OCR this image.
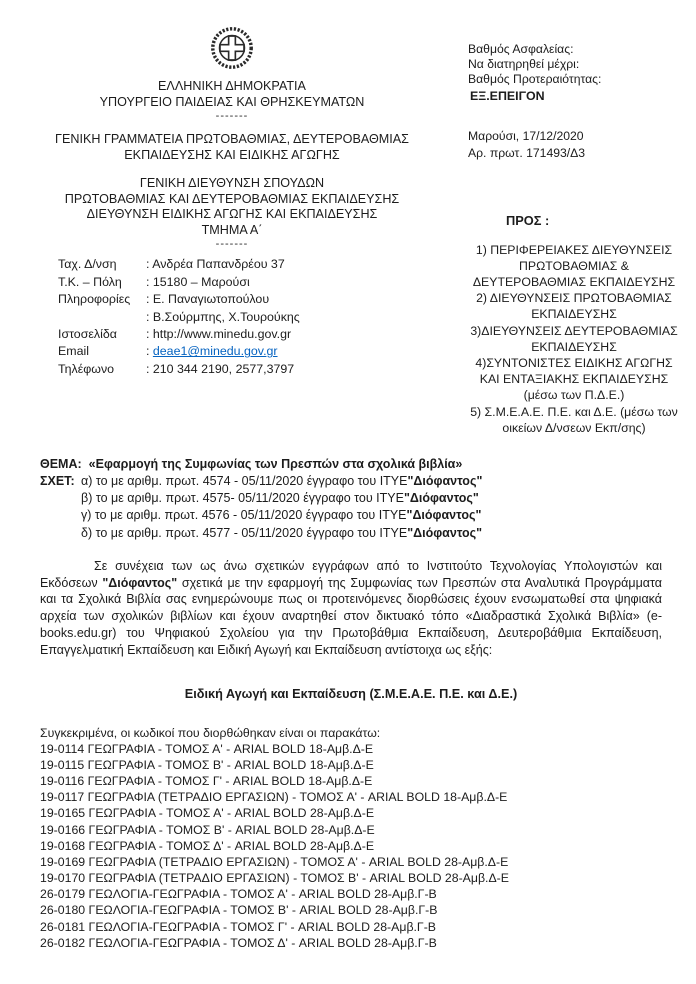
ΕΛΛΗΝΙΚΗ ΔΗΜΟΚΡΑΤΙΑ
ΥΠΟΥΡΓΕΙΟ ΠΑΙΔΕΙΑΣ ΚΑΙ ΘΡΗΣΚΕΥΜΑΤΩΝ
-------
ΓΕΝΙΚΗ ΓΡΑΜΜΑΤΕΙΑ ΠΡΩΤΟΒΑΘΜΙΑΣ, ΔΕΥΤΕΡΟΒΑΘΜΙΑΣ
ΕΚΠΑΙΔΕΥΣΗΣ ΚΑΙ ΕΙΔΙΚΗΣ ΑΓΩΓΗΣ
ΓΕΝΙΚΗ ΔΙΕΥΘΥΝΣΗ ΣΠΟΥΔΩΝ
ΠΡΩΤΟΒΑΘΜΙΑΣ ΚΑΙ ΔΕΥΤΕΡΟΒΑΘΜΙΑΣ ΕΚΠΑΙΔΕΥΣΗΣ
ΔΙΕΥΘΥΝΣΗ ΕΙΔΙΚΗΣ ΑΓΩΓΗΣ ΚΑΙ ΕΚΠΑΙΔΕΥΣΗΣ
ΤΜΗΜΑ Α΄
-------
Ταχ. Δ/νση	: Ανδρέα Παπανδρέου 37
Τ.Κ. – Πόλη	: 15180 – Μαρούσι
Πληροφορίες	: Ε. Παναγιωτοπούλου
: Β.Σούρμπης, Χ.Τουρούκης
Ιστοσελίδα	: http://www.minedu.gov.gr
Email	: deae1@minedu.gov.gr
Τηλέφωνο	: 210 344 2190, 2577,3797
Βαθμός Ασφαλείας:
Να διατηρηθεί μέχρι:
Βαθμός Προτεραιότητας:
ΕΞ.ΕΠΕΙΓΟΝ
Μαρούσι, 17/12/2020
Αρ. πρωτ. 171493/Δ3
ΠΡΟΣ :
1) ΠΕΡΙΦΕΡΕΙΑΚΕΣ ΔΙΕΥΘΥΝΣΕΙΣ ΠΡΩΤΟΒΑΘΜΙΑΣ & ΔΕΥΤΕΡΟΒΑΘΜΙΑΣ ΕΚΠΑΙΔΕΥΣΗΣ
2) ΔΙΕΥΘΥΝΣΕΙΣ ΠΡΩΤΟΒΑΘΜΙΑΣ ΕΚΠΑΙΔΕΥΣΗΣ
3)ΔΙΕΥΘΥΝΣΕΙΣ ΔΕΥΤΕΡΟΒΑΘΜΙΑΣ ΕΚΠΑΙΔΕΥΣΗΣ
4)ΣΥΝΤΟΝΙΣΤΕΣ ΕΙΔΙΚΗΣ ΑΓΩΓΗΣ ΚΑΙ ΕΝΤΑΞΙΑΚΗΣ ΕΚΠΑΙΔΕΥΣΗΣ (μέσω των Π.Δ.Ε.)
5) Σ.Μ.Ε.Α.Ε. Π.Ε. και Δ.Ε. (μέσω των οικείων Δ/νσεων Εκπ/σης)
ΘΕΜΑ: «Εφαρμογή της Συμφωνίας των Πρεσπών στα σχολικά βιβλία»
ΣΧΕΤ: α) το με αριθμ. πρωτ. 4574 - 05/11/2020 έγγραφο του ΙΤΥΕ"Διόφαντος"
β) το με αριθμ. πρωτ. 4575- 05/11/2020 έγγραφο του ΙΤΥΕ"Διόφαντος"
γ) το με αριθμ. πρωτ. 4576 - 05/11/2020 έγγραφο του ΙΤΥΕ"Διόφαντος"
δ) το με αριθμ. πρωτ. 4577 - 05/11/2020 έγγραφο του ΙΤΥΕ"Διόφαντος"

Σε συνέχεια των ως άνω σχετικών εγγράφων από το Ινστιτούτο Τεχνολογίας Υπολογιστών και Εκδόσεων "Διόφαντος" σχετικά με την εφαρμογή της Συμφωνίας των Πρεσπών στα Αναλυτικά Προγράμματα και τα Σχολικά Βιβλία σας ενημερώνουμε πως οι προτεινόμενες διορθώσεις έχουν ενσωματωθεί στα ψηφιακά αρχεία των σχολικών βιβλίων και έχουν αναρτηθεί στον δικτυακό τόπο «Διαδραστικά Σχολικά Βιβλία» (e-books.edu.gr) του Ψηφιακού Σχολείου για την Πρωτοβάθμια Εκπαίδευση, Δευτεροβάθμια Εκπαίδευση, Επαγγελματική Εκπαίδευση και Ειδική Αγωγή και Εκπαίδευση αντίστοιχα ως εξής:

Ειδική Αγωγή και Εκπαίδευση (Σ.Μ.Ε.Α.Ε. Π.Ε. και Δ.Ε.)
Συγκεκριμένα, οι κωδικοί που διορθώθηκαν είναι οι παρακάτω:
19-0114 ΓΕΩΓΡΑΦΙΑ - ΤΟΜΟΣ Α' - ARIAL BOLD 18-Αμβ.Δ-Ε
19-0115 ΓΕΩΓΡΑΦΙΑ - ΤΟΜΟΣ Β' - ARIAL BOLD 18-Αμβ.Δ-Ε
19-0116 ΓΕΩΓΡΑΦΙΑ - ΤΟΜΟΣ Γ' - ARIAL BOLD 18-Αμβ.Δ-Ε
19-0117 ΓΕΩΓΡΑΦΙΑ (ΤΕΤΡΑΔΙΟ ΕΡΓΑΣΙΩΝ) - ΤΟΜΟΣ Α' - ARIAL BOLD 18-Αμβ.Δ-Ε
19-0165 ΓΕΩΓΡΑΦΙΑ - ΤΟΜΟΣ Α' - ARIAL BOLD 28-Αμβ.Δ-Ε
19-0166 ΓΕΩΓΡΑΦΙΑ - ΤΟΜΟΣ Β' - ARIAL BOLD 28-Αμβ.Δ-Ε
19-0168 ΓΕΩΓΡΑΦΙΑ - ΤΟΜΟΣ Δ' - ARIAL BOLD 28-Αμβ.Δ-Ε
19-0169 ΓΕΩΓΡΑΦΙΑ (ΤΕΤΡΑΔΙΟ ΕΡΓΑΣΙΩΝ) - ΤΟΜΟΣ Α' - ARIAL BOLD 28-Αμβ.Δ-Ε
19-0170 ΓΕΩΓΡΑΦΙΑ (ΤΕΤΡΑΔΙΟ ΕΡΓΑΣΙΩΝ) - ΤΟΜΟΣ Β' - ARIAL BOLD 28-Αμβ.Δ-Ε
26-0179 ΓΕΩΛΟΓΙΑ-ΓΕΩΓΡΑΦΙΑ - ΤΟΜΟΣ Α' - ARIAL BOLD 28-Αμβ.Γ-Β
26-0180 ΓΕΩΛΟΓΙΑ-ΓΕΩΓΡΑΦΙΑ - ΤΟΜΟΣ Β' - ARIAL BOLD 28-Αμβ.Γ-Β
26-0181 ΓΕΩΛΟΓΙΑ-ΓΕΩΓΡΑΦΙΑ - ΤΟΜΟΣ Γ' - ARIAL BOLD 28-Αμβ.Γ-Β
26-0182 ΓΕΩΛΟΓΙΑ-ΓΕΩΓΡΑΦΙΑ - ΤΟΜΟΣ Δ' - ARIAL BOLD 28-Αμβ.Γ-Β
